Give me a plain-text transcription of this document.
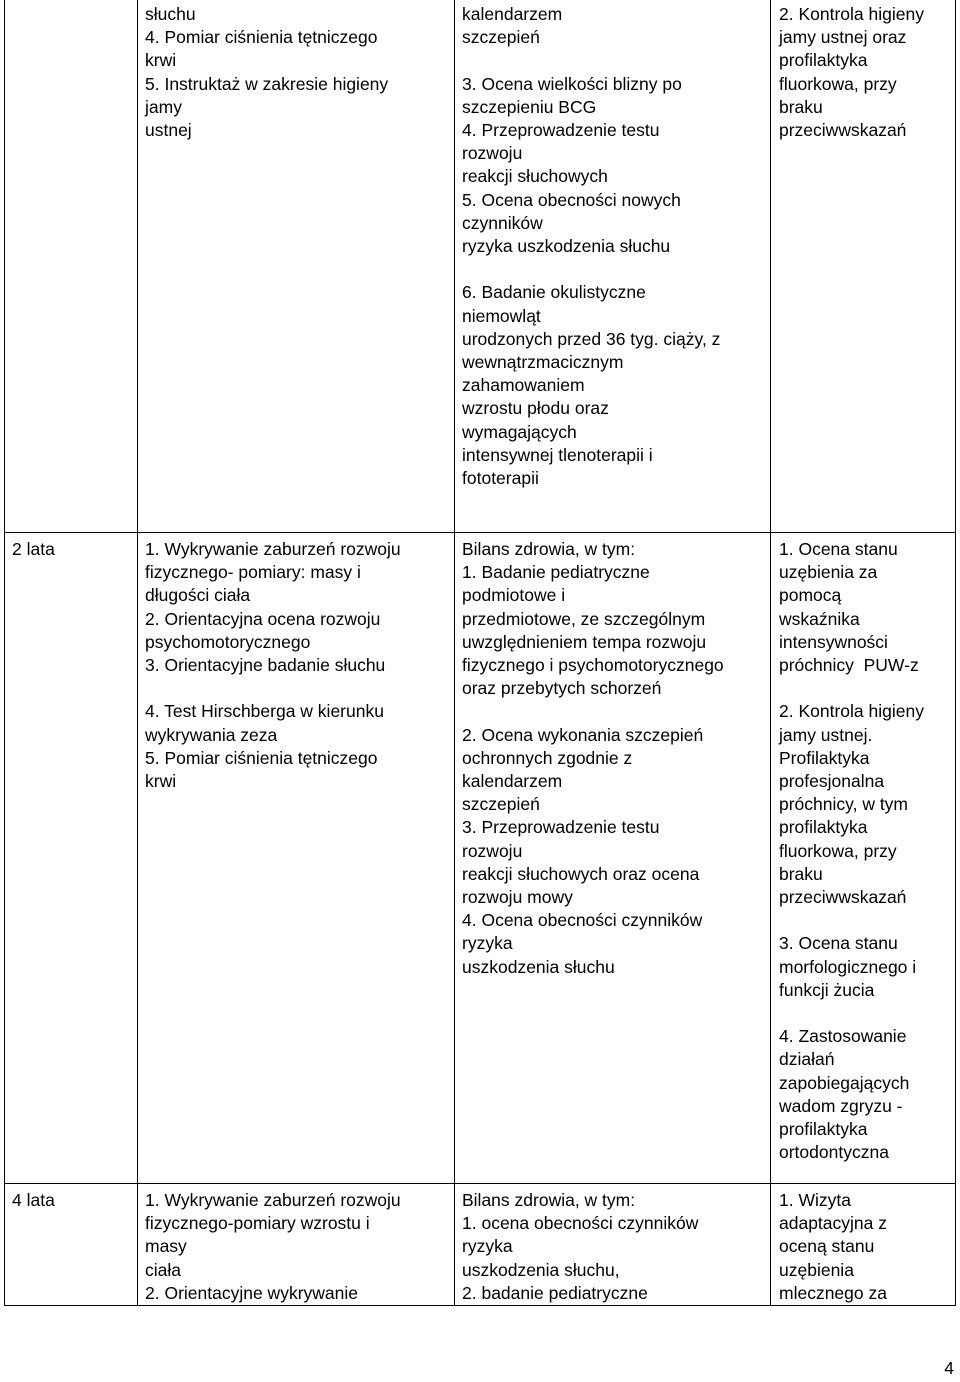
słuchu
4. Pomiar ciśnienia tętniczego
krwi
5. Instruktaż w zakresie higieny
jamy
ustnej
kalendarzem
szczepień
3. Ocena wielkości blizny po
szczepieniu BCG
4. Przeprowadzenie testu
rozwoju
reakcji słuchowych
5. Ocena obecności nowych
czynników
ryzyka uszkodzenia słuchu
6. Badanie okulistyczne
niemowląt
urodzonych przed 36 tyg. ciąży, z
wewnątrzmacicznym
zahamowaniem
wzrostu płodu oraz
wymagających
intensywnej tlenoterapii i
fototerapii
2. Kontrola higieny
jamy ustnej oraz
profilaktyka
fluorkowa, przy
braku
przeciwwskazań
2 lata	1. Wykrywanie zaburzeń rozwoju
fizycznego- pomiary: masy i
długości ciała
2. Orientacyjna ocena rozwoju
psychomotorycznego
3. Orientacyjne badanie słuchu
4. Test Hirschberga w kierunku
wykrywania zeza
5. Pomiar ciśnienia tętniczego
krwi
Bilans zdrowia, w tym:
1. Badanie pediatryczne
podmiotowe i
przedmiotowe, ze szczególnym
uwzględnieniem tempa rozwoju
fizycznego i psychomotorycznego
oraz przebytych schorzeń
2. Ocena wykonania szczepień
ochronnych zgodnie z
kalendarzem
szczepień
3. Przeprowadzenie testu
rozwoju
reakcji słuchowych oraz ocena
rozwoju mowy
4. Ocena obecności czynników
ryzyka
uszkodzenia słuchu
1. Ocena stanu
uzębienia za
pomocą
wskaźnika
intensywności
próchnicy  PUW-z
2. Kontrola higieny
jamy ustnej.
Profilaktyka
profesjonalna
próchnicy, w tym
profilaktyka
fluorkowa, przy
braku
przeciwwskazań
3. Ocena stanu
morfologicznego i
funkcji żucia
4. Zastosowanie
działań
zapobiegających
wadom zgryzu -
profilaktyka
ortodontyczna
4 lata	1. Wykrywanie zaburzeń rozwoju
fizycznego-pomiary wzrostu i
masy
ciała
2. Orientacyjne wykrywanie
Bilans zdrowia, w tym:
1. ocena obecności czynników
ryzyka
uszkodzenia słuchu,
2. badanie pediatryczne
1. Wizyta
adaptacyjna z
oceną stanu
uzębienia
mlecznego za
4
